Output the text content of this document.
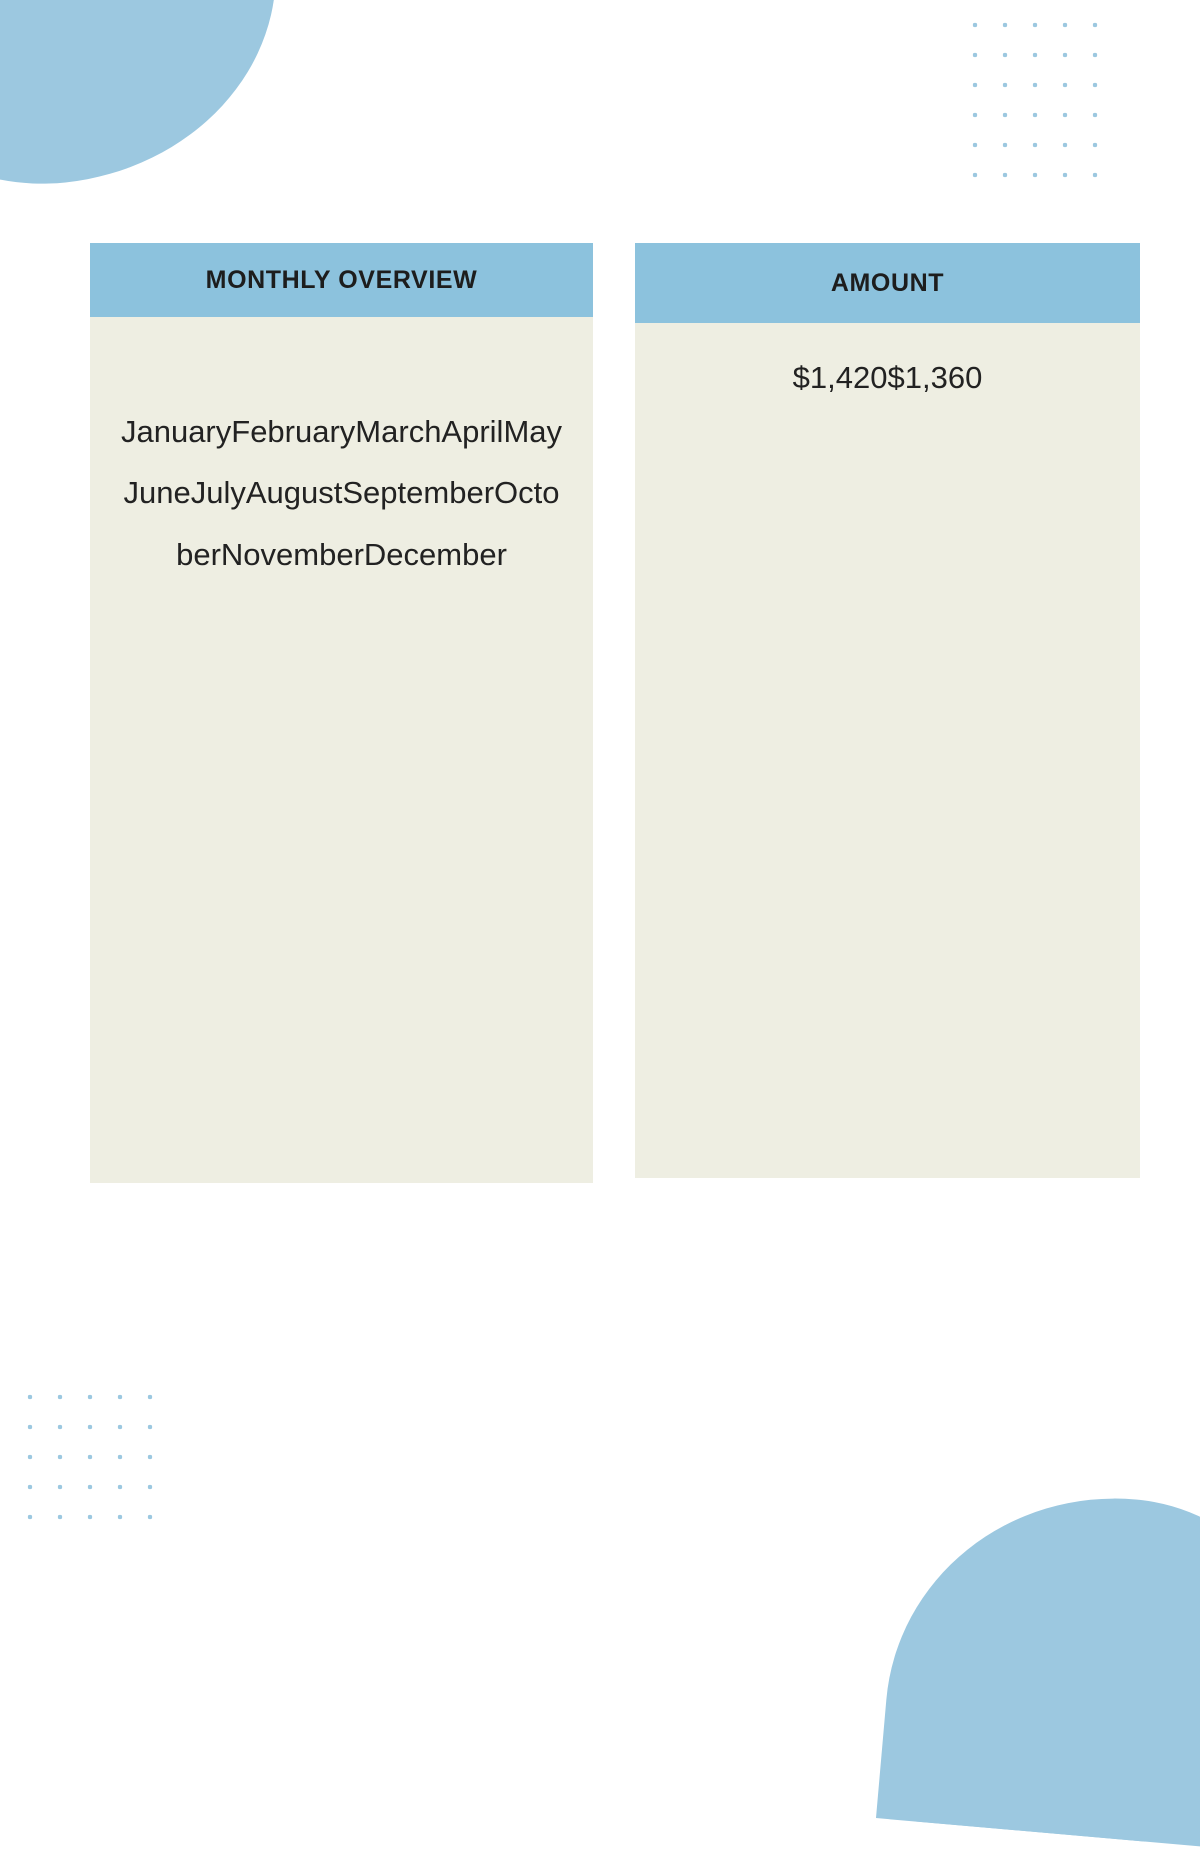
MONTHLY OVERVIEW
JanuaryFebruaryMarchAprilMayJuneJulyAugustSeptemberOctoberNovemberDecember
AMOUNT
$1,420$1,360
